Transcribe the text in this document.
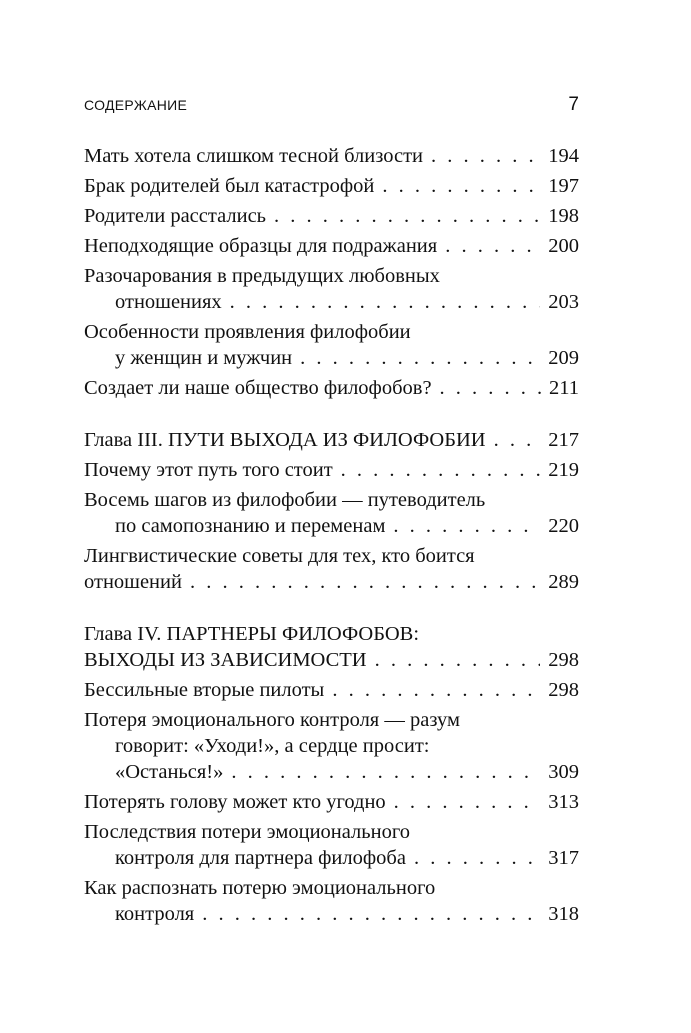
СОДЕРЖАНИЕ	7
Мать хотела слишком тесной близости . . .	194
Брак родителей был катастрофой . . .	197
Родители расстались . . .	198
Неподходящие образцы для подражания . . .	200
Разочарования в предыдущих любовных
отношениях . . .	203
Особенности проявления филофобии
у женщин и мужчин . . .	209
Создает ли наше общество филофобов? . . .	211
Глава III. ПУТИ ВЫХОДА ИЗ ФИЛОФОБИИ . . .	217
Почему этот путь того стоит . . .	219
Восемь шагов из филофобии — путеводитель
по самопознанию и переменам . . .	220
Лингвистические советы для тех, кто боится
отношений . . .	289
Глава IV. ПАРТНЕРЫ ФИЛОФОБОВ:
ВЫХОДЫ ИЗ ЗАВИСИМОСТИ . . .	298
Бессильные вторые пилоты . . .	298
Потеря эмоционального контроля — разум
говорит: «Уходи!», а сердце просит:
«Останься!» . . .	309
Потерять голову может кто угодно . . .	313
Последствия потери эмоционального
контроля для партнера филофоба . . .	317
Как распознать потерю эмоционального
контроля . . .	318
